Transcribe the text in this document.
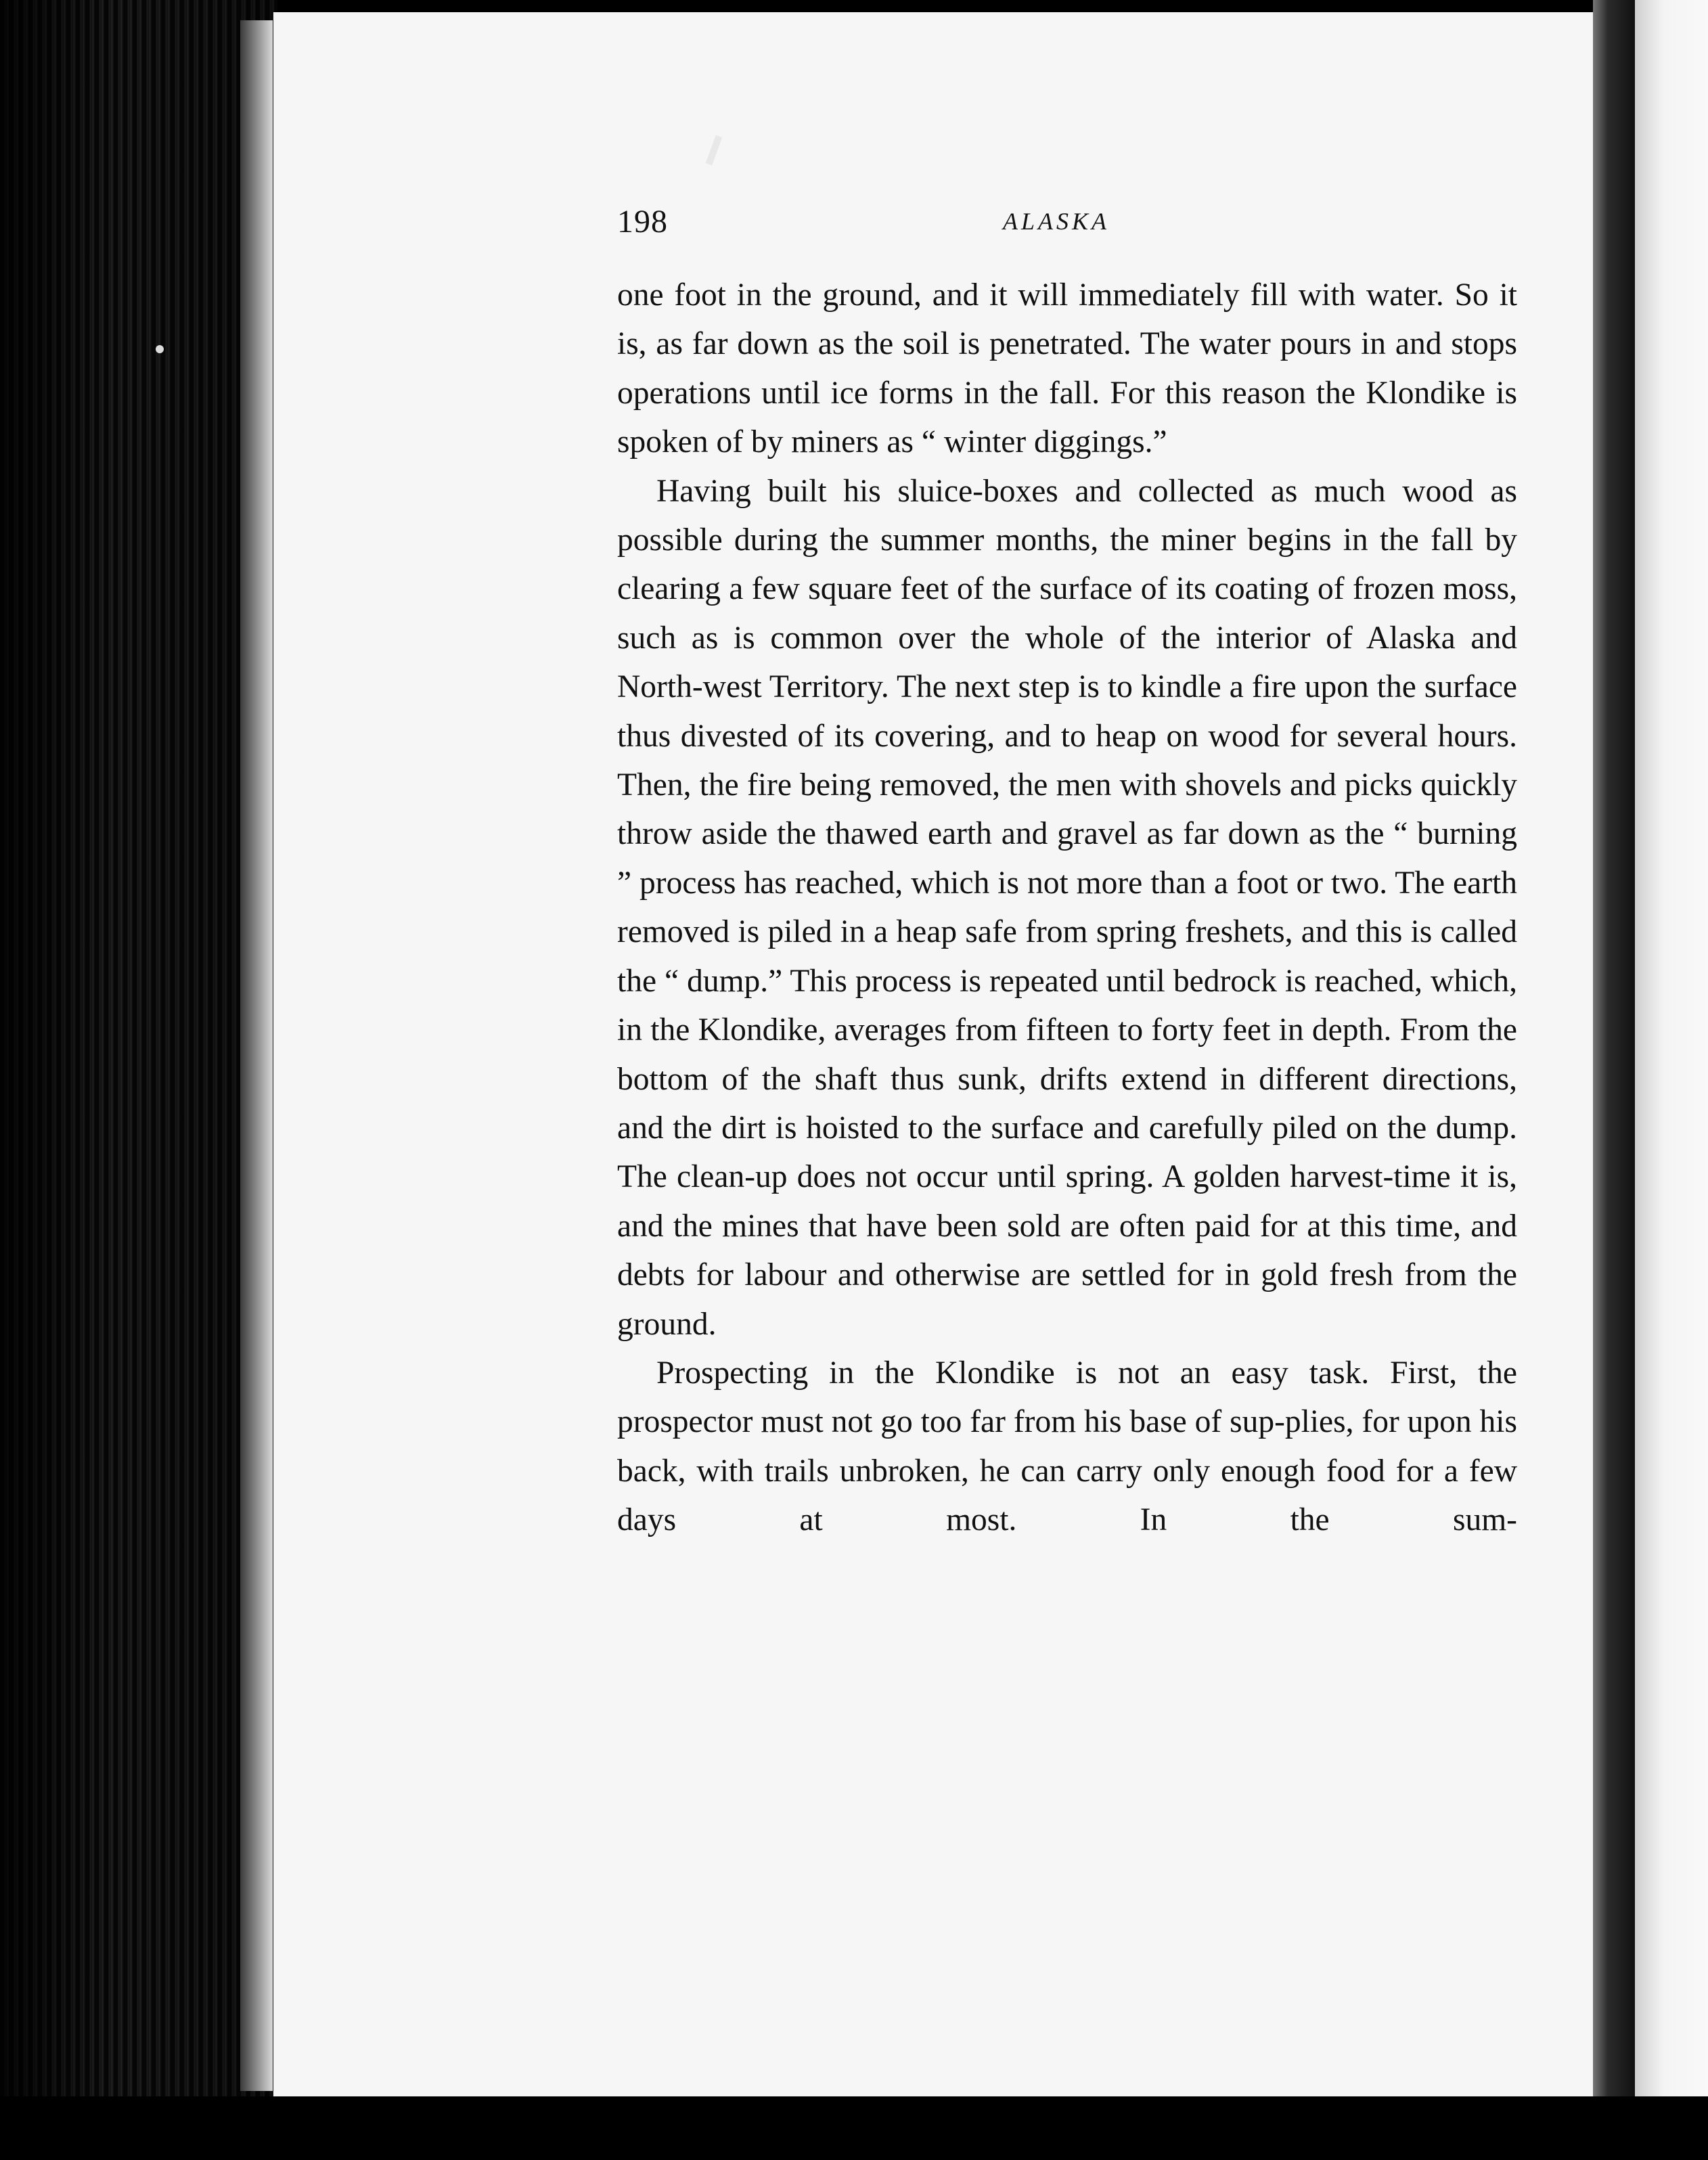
198	ALASKA

one foot in the ground, and it will immediately fill with water. So it is, as far down as the soil is penetrated. The water pours in and stops operations until ice forms in the fall. For this reason the Klondike is spoken of by miners as “ winter diggings.”

Having built his sluice-boxes and collected as much wood as possible during the summer months, the miner begins in the fall by clearing a few square feet of the surface of its coating of frozen moss, such as is common over the whole of the interior of Alaska and North-west Territory. The next step is to kindle a fire upon the surface thus divested of its covering, and to heap on wood for several hours. Then, the fire being removed, the men with shovels and picks quickly throw aside the thawed earth and gravel as far down as the “ burning ” process has reached, which is not more than a foot or two. The earth removed is piled in a heap safe from spring freshets, and this is called the “ dump.” This process is repeated until bedrock is reached, which, in the Klondike, averages from fifteen to forty feet in depth. From the bottom of the shaft thus sunk, drifts extend in different directions, and the dirt is hoisted to the surface and carefully piled on the dump. The clean-up does not occur until spring. A golden harvest-time it is, and the mines that have been sold are often paid for at this time, and debts for labour and otherwise are settled for in gold fresh from the ground.

Prospecting in the Klondike is not an easy task. First, the prospector must not go too far from his base of sup-plies, for upon his back, with trails unbroken, he can carry only enough food for a few days at most. In the sum-
